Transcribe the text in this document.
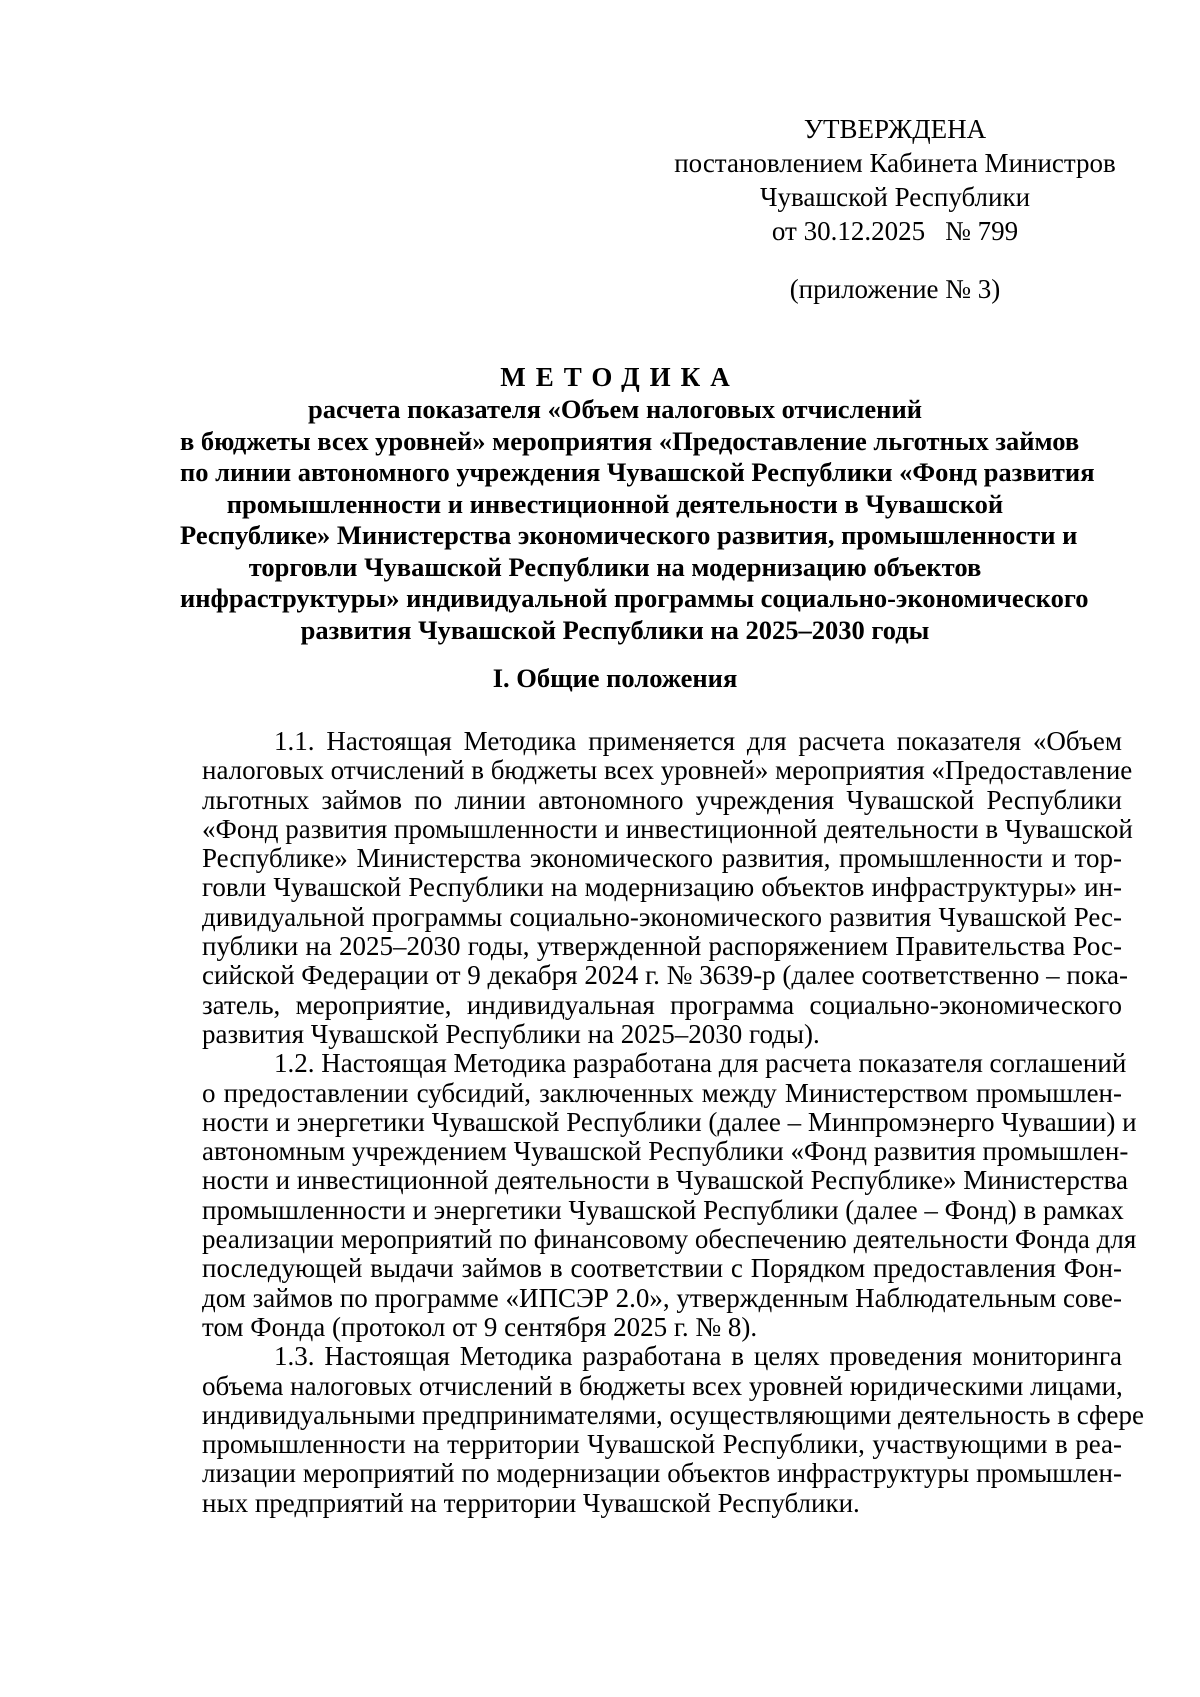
УТВЕРЖДЕНА
постановлением Кабинета Министров
Чувашской Республики
от 30.12.2025 № 799
(приложение № 3)
МЕТОДИКА
расчета показателя «Объем налоговых отчислений
в бюджеты всех уровней» мероприятия «Предоставление льготных займов
по линии автономного учреждения Чувашской Республики «Фонд развития
промышленности и инвестиционной деятельности в Чувашской
Республике» Министерства экономического развития, промышленности и
торговли Чувашской Республики на модернизацию объектов
инфраструктуры» индивидуальной программы социально-экономического
развития Чувашской Республики на 2025–2030 годы
I. Общие положения

1.1. Настоящая Методика применяется для расчета показателя «Объем

налоговых отчислений в бюджеты всех уровней» мероприятия «Предоставление

льготных займов по линии автономного учреждения Чувашской Республики

«Фонд развития промышленности и инвестиционной деятельности в Чувашской

Республике» Министерства экономического развития, промышленности и тор-

говли Чувашской Республики на модернизацию объектов инфраструктуры» ин-

дивидуальной программы социально-экономического развития Чувашской Рес-

публики на 2025–2030 годы, утвержденной распоряжением Правительства Рос-

сийской Федерации от 9 декабря 2024 г. № 3639-р (далее соответственно – пока-

затель, мероприятие, индивидуальная программа социально-экономического

развития Чувашской Республики на 2025–2030 годы).

1.2. Настоящая Методика разработана для расчета показателя соглашений

о предоставлении субсидий, заключенных между Министерством промышлен-

ности и энергетики Чувашской Республики (далее – Минпромэнерго Чувашии) и

автономным учреждением Чувашской Республики «Фонд развития промышлен-

ности и инвестиционной деятельности в Чувашской Республике» Министерства

промышленности и энергетики Чувашской Республики (далее – Фонд) в рамках

реализации мероприятий по финансовому обеспечению деятельности Фонда для

последующей выдачи займов в соответствии с Порядком предоставления Фон-

дом займов по программе «ИПСЭР 2.0», утвержденным Наблюдательным сове-

том Фонда (протокол от 9 сентября 2025 г. № 8).

1.3. Настоящая Методика разработана в целях проведения мониторинга

объема налоговых отчислений в бюджеты всех уровней юридическими лицами,

индивидуальными предпринимателями, осуществляющими деятельность в сфере

промышленности на территории Чувашской Республики, участвующими в реа-

лизации мероприятий по модернизации объектов инфраструктуры промышлен-

ных предприятий на территории Чувашской Республики.
